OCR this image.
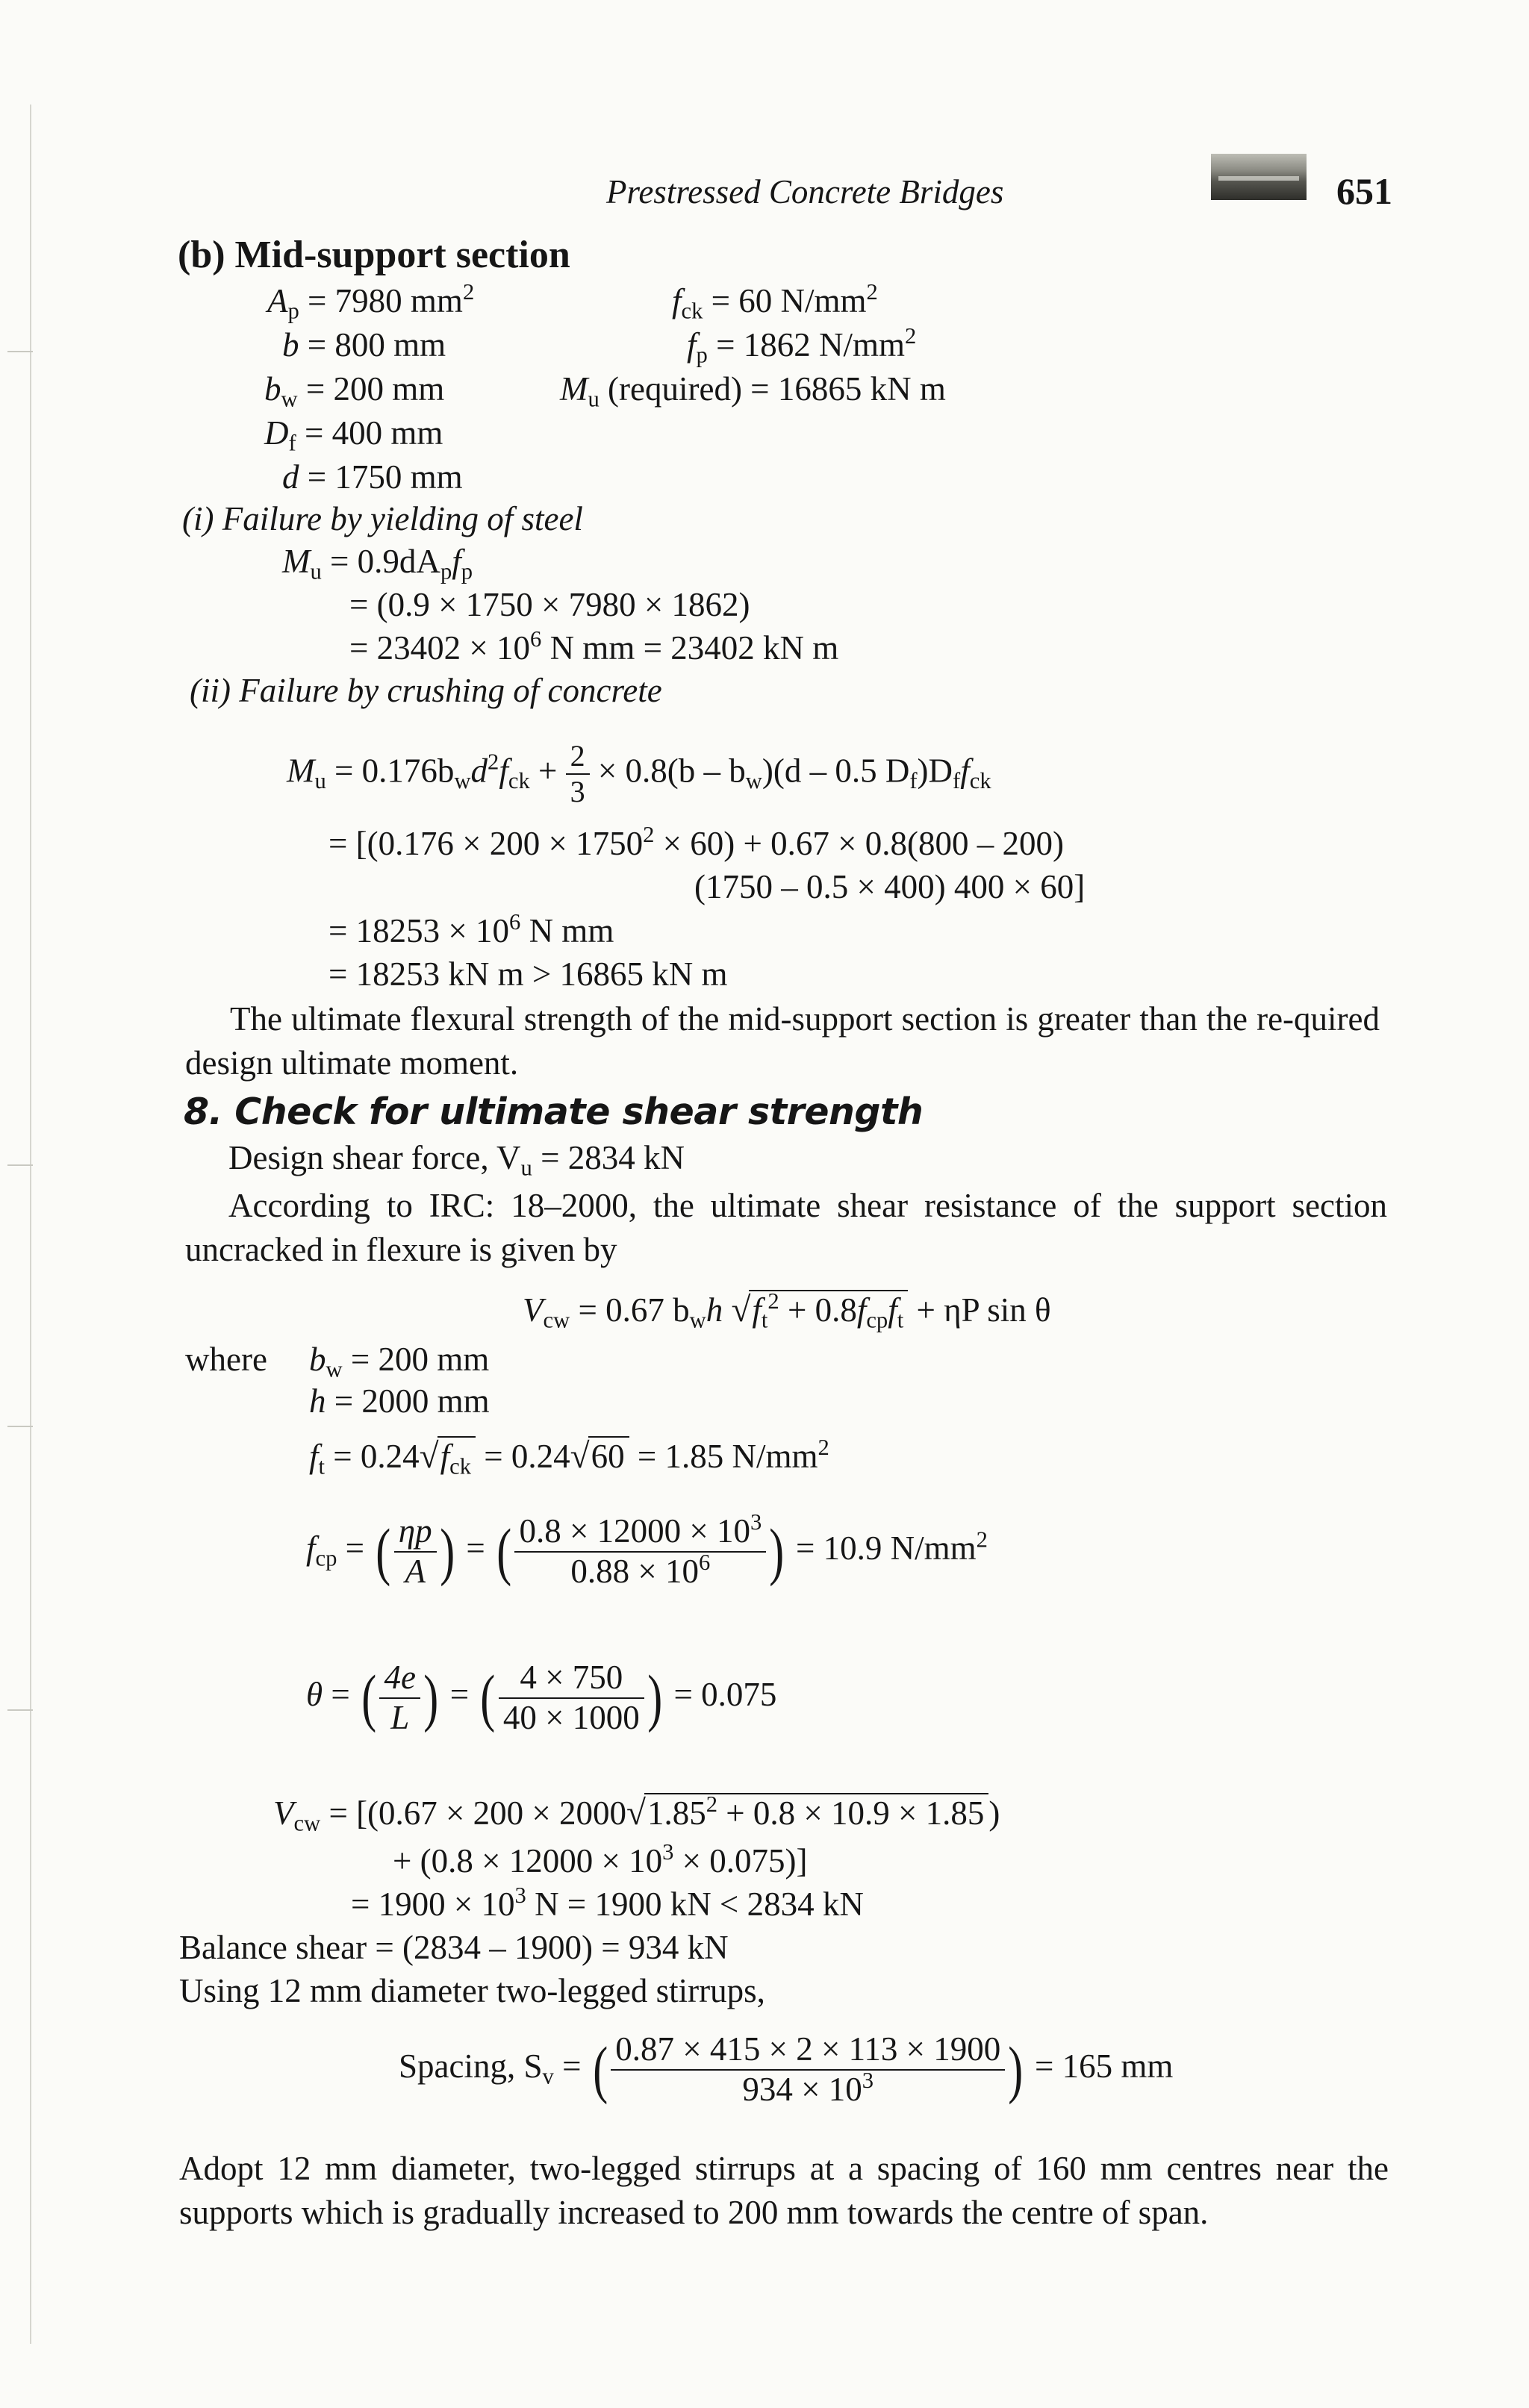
Prestressed Concrete Bridges	651
(b) Mid-support section
$A_p = 7980$ $mm^2$
b = 800 mm
$b_w = 200$ mm
$D_f = 400$ mm
d = 1750 mm
$f_{ck} = 60$ $N/mm^2$
$f_p = 1862$ $N/mm^2$
$M_u$ (required) = 16865 kN m
(i) Failure by yielding of steel
$M_u = 0.9dA_pf_p$
= (0.9 × 1750 × 7980 × 1862)
= $23402 \times 10^6$ N mm = 23402 kN m
(ii) Failure by crushing of concrete
$M_u = 0.176b_wd^2f_{ck} + \frac{2}{3} \times 0.8(b - b_w)(d - 0.5$ $D_f)D_ff_{ck}$
= [$(0.176 \times 200 \times 1750^2 \times 60) + 0.67 \times 0.8(800 - 200)$
(1750 – 0.5 × 400) 400 × 60]
= $18253 \times 10^6$ N mm
= 18253 kN m > 16865 kN m
The ultimate flexural strength of the mid-support section is greater than the re-quired design ultimate moment.
8. Check for ultimate shear strength
Design shear force, $V_u = 2834$ kN
According to IRC: 18–2000, the ultimate shear resistance of the support section uncracked in flexure is given by
$V_{cw} = 0.67$ $b_wh$ $√f_t^2 + 0.8f_{cp}f_t + \eta P$ sin θ
where $b_w = 200$ mm
h = 2000 mm
$f_t = 0.24√f_{ck} = 0.24√60 = 1.85$ $N/mm^2$
$f_{cp}$ = ( $\frac{\eta p}{A}$ ) = ( $\frac{0.8 \times 12000 \times 10^3}{0.88 \times 10^6}$ ) = 10.9 $N/mm^2$
θ = ( $\frac{4e}{L}$ ) = ( $\frac{4 \times 750}{40 \times 1000}$ ) = 0.075
$V_{cw} = [(0.67 \times 200 \times 2000√1.85^2 + 0.8 \times 10.9 \times 1.85$ )
+ $(0.8 \times 12000 \times 10^3 \times 0.075)$]
= $1900 \times 10^3$ N = 1900 kN < 2834 kN
Balance shear = (2834 – 1900) = 934 kN
Using 12 mm diameter two-legged stirrups,
Spacing, $S_v$ = ( $\frac{0.87 \times 415 \times 2 \times 113 \times 1900}{934 \times 10^3}$ ) = 165 mm
Adopt 12 mm diameter, two-legged stirrups at a spacing of 160 mm centres near the supports which is gradually increased to 200 mm towards the centre of span.
